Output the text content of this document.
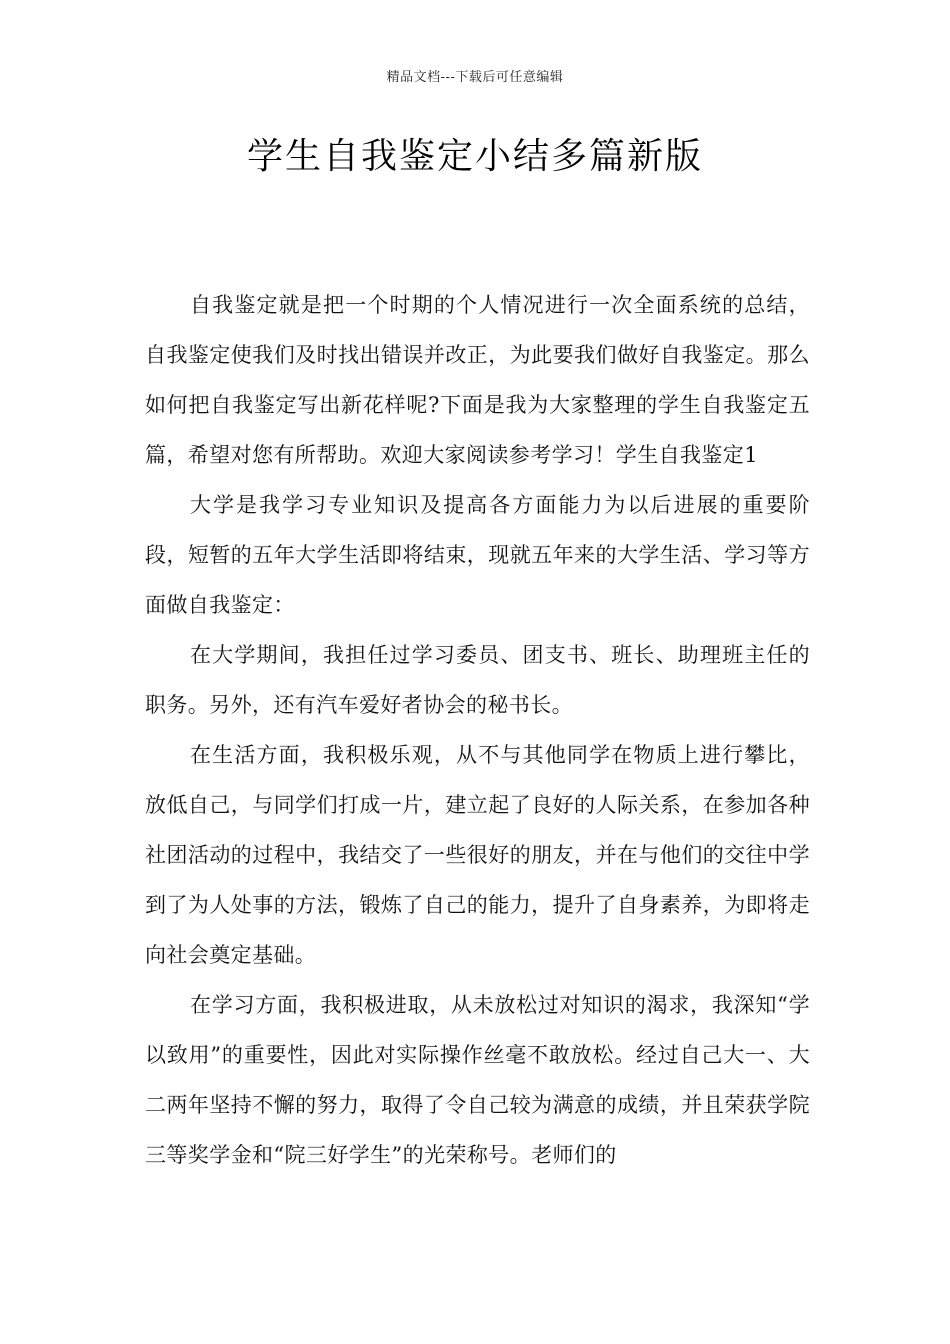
精品文档---下载后可任意编辑
学生自我鉴定小结多篇新版

自我鉴定就是把一个时期的个人情况进行一次全面系统的总结，自我鉴定使我们及时找出错误并改正，为此要我们做好自我鉴定。那么如何把自我鉴定写出新花样呢?下面是我为大家整理的学生自我鉴定五篇，希望对您有所帮助。欢迎大家阅读参考学习！学生自我鉴定1

大学是我学习专业知识及提高各方面能力为以后进展的重要阶段，短暂的五年大学生活即将结束，现就五年来的大学生活、学习等方面做自我鉴定：

在大学期间，我担任过学习委员、团支书、班长、助理班主任的职务。另外，还有汽车爱好者协会的秘书长。

在生活方面，我积极乐观，从不与其他同学在物质上进行攀比，放低自己，与同学们打成一片，建立起了良好的人际关系，在参加各种社团活动的过程中，我结交了一些很好的朋友，并在与他们的交往中学到了为人处事的方法，锻炼了自己的能力，提升了自身素养，为即将走向社会奠定基础。

在学习方面，我积极进取，从未放松过对知识的渴求，我深知“学以致用”的重要性，因此对实际操作丝毫不敢放松。经过自己大一、大二两年坚持不懈的努力，取得了令自己较为满意的成绩，并且荣获学院三等奖学金和“院三好学生”的光荣称号。老师们的
